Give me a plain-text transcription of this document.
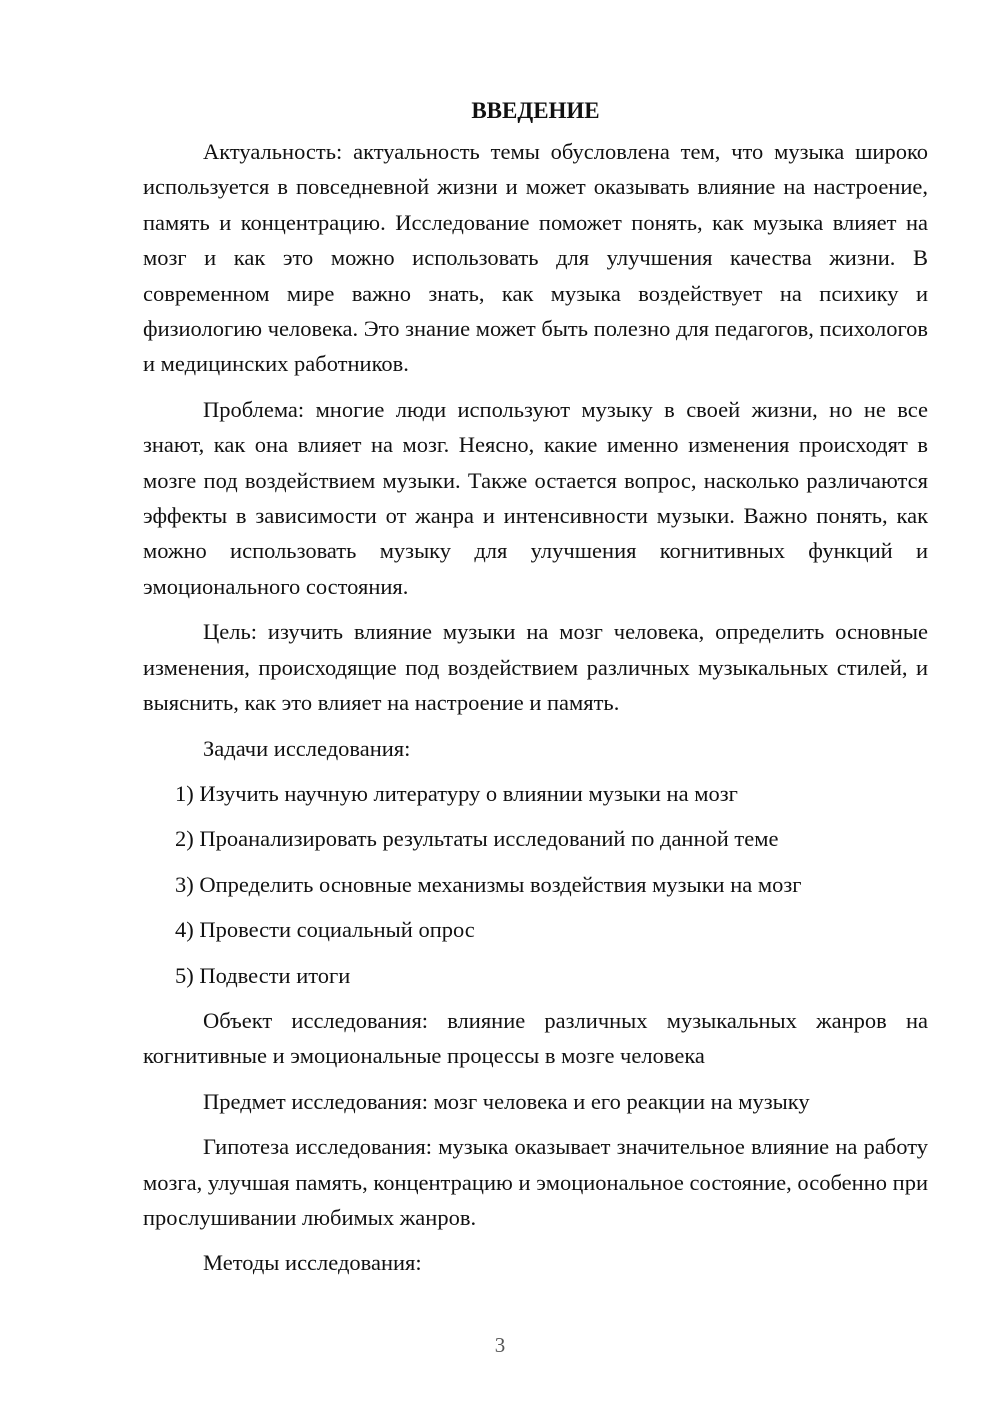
ВВЕДЕНИЕ

Актуальность: актуальность темы обусловлена тем, что музыка широко используется в повседневной жизни и может оказывать влияние на настроение, память и концентрацию. Исследование поможет понять, как музыка влияет на мозг и как это можно использовать для улучшения качества жизни. В современном мире важно знать, как музыка воздействует на психику и физиологию человека. Это знание может быть полезно для педагогов, психологов и медицинских работников.

Проблема: многие люди используют музыку в своей жизни, но не все знают, как она влияет на мозг. Неясно, какие именно изменения происходят в мозге под воздействием музыки. Также остается вопрос, насколько различаются эффекты в зависимости от жанра и интенсивности музыки. Важно понять, как можно использовать музыку для улучшения когнитивных функций и эмоционального состояния.

Цель: изучить влияние музыки на мозг человека, определить основные изменения, происходящие под воздействием различных музыкальных стилей, и выяснить, как это влияет на настроение и память.

Задачи исследования:

1) Изучить научную литературу о влиянии музыки на мозг
2) Проанализировать результаты исследований по данной теме
3) Определить основные механизмы воздействия музыки на мозг
4) Провести социальный опрос
5) Подвести итоги

Объект исследования: влияние различных музыкальных жанров на когнитивные и эмоциональные процессы в мозге человека

Предмет исследования: мозг человека и его реакции на музыку

Гипотеза исследования: музыка оказывает значительное влияние на работу мозга, улучшая память, концентрацию и эмоциональное состояние, особенно при прослушивании любимых жанров.

Методы исследования:

3
